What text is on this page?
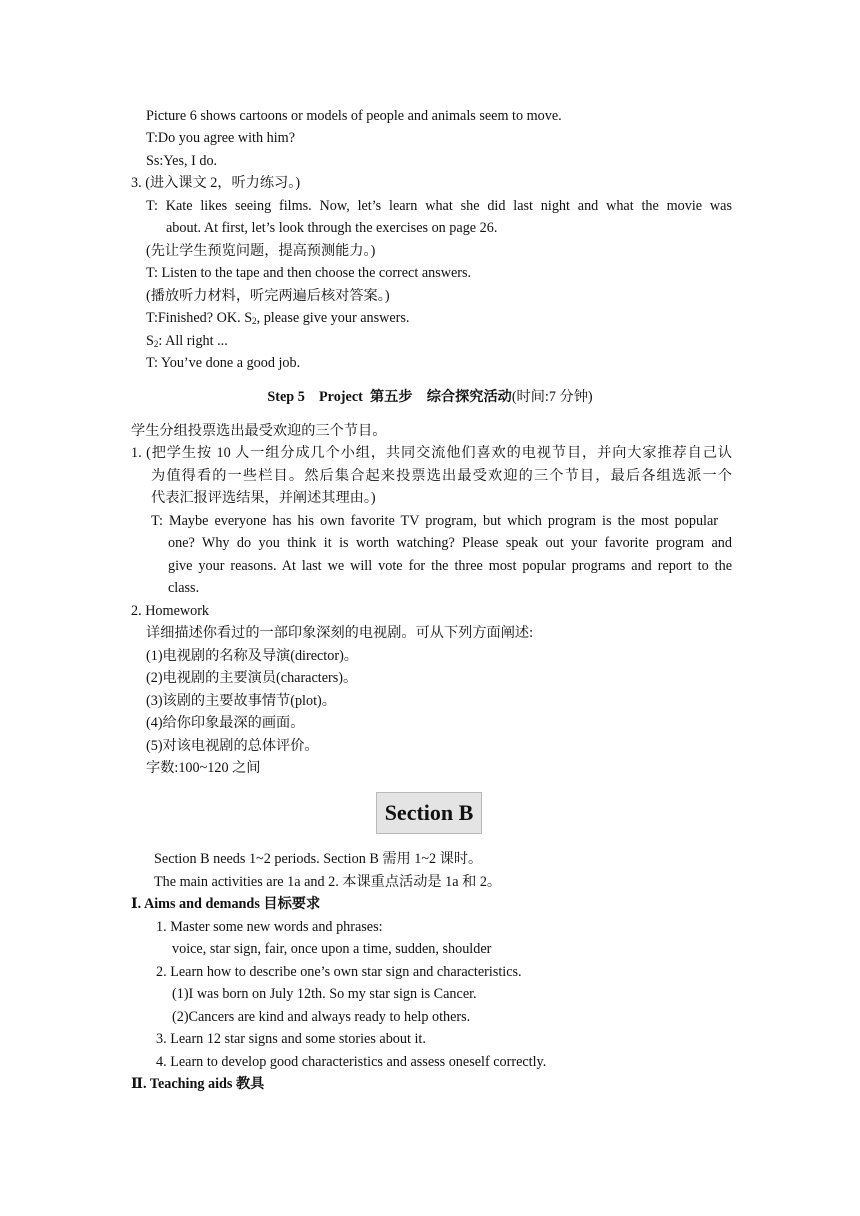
Picture 6 shows cartoons or models of people and animals seem to move.
T:Do you agree with him?
Ss:Yes, I do.
3. (进入课文 2，听力练习。)
T: Kate likes seeing films. Now, let’s learn what she did last night and what the movie was
about. At first, let’s look through the exercises on page 26.
(先让学生预览问题，提高预测能力。)
T: Listen to the tape and then choose the correct answers.
(播放听力材料，听完两遍后核对答案。)
T:Finished? OK. $S_2$, please give your answers.
$S_2$: All right ...
T: You’ve done a good job.
Step 5    Project  第五步    综合探究活动(时间:7 分钟)
学生分组投票选出最受欢迎的三个节目。
1. (把学生按 10 人一组分成几个小组，共同交流他们喜欢的电视节目，并向大家推荐自己认
为值得看的一些栏目。然后集合起来投票选出最受欢迎的三个节目，最后各组选派一个
代表汇报评选结果，并阐述其理由。)
T: Maybe everyone has his own favorite TV program, but which program is the most popular
one? Why do you think it is worth watching? Please speak out your favorite program and
give your reasons. At last we will vote for the three most popular programs and report to the
class.
2. Homework
详细描述你看过的一部印象深刻的电视剧。可从下列方面阐述:
(1)电视剧的名称及导演(director)。
(2)电视剧的主要演员(characters)。
(3)该剧的主要故事情节(plot)。
(4)给你印象最深的画面。
(5)对该电视剧的总体评价。
字数:100~120 之间
Section B
Section B needs 1~2 periods. Section B 需用 1~2 课时。
The main activities are 1a and 2. 本课重点活动是 1a 和 2。
Ⅰ. Aims and demands 目标要求
1. Master some new words and phrases:
voice, star sign, fair, once upon a time, sudden, shoulder
2. Learn how to describe one’s own star sign and characteristics.
(1)I was born on July 12th. So my star sign is Cancer.
(2)Cancers are kind and always ready to help others.
3. Learn 12 star signs and some stories about it.
4. Learn to develop good characteristics and assess oneself correctly.
Ⅱ. Teaching aids 教具
